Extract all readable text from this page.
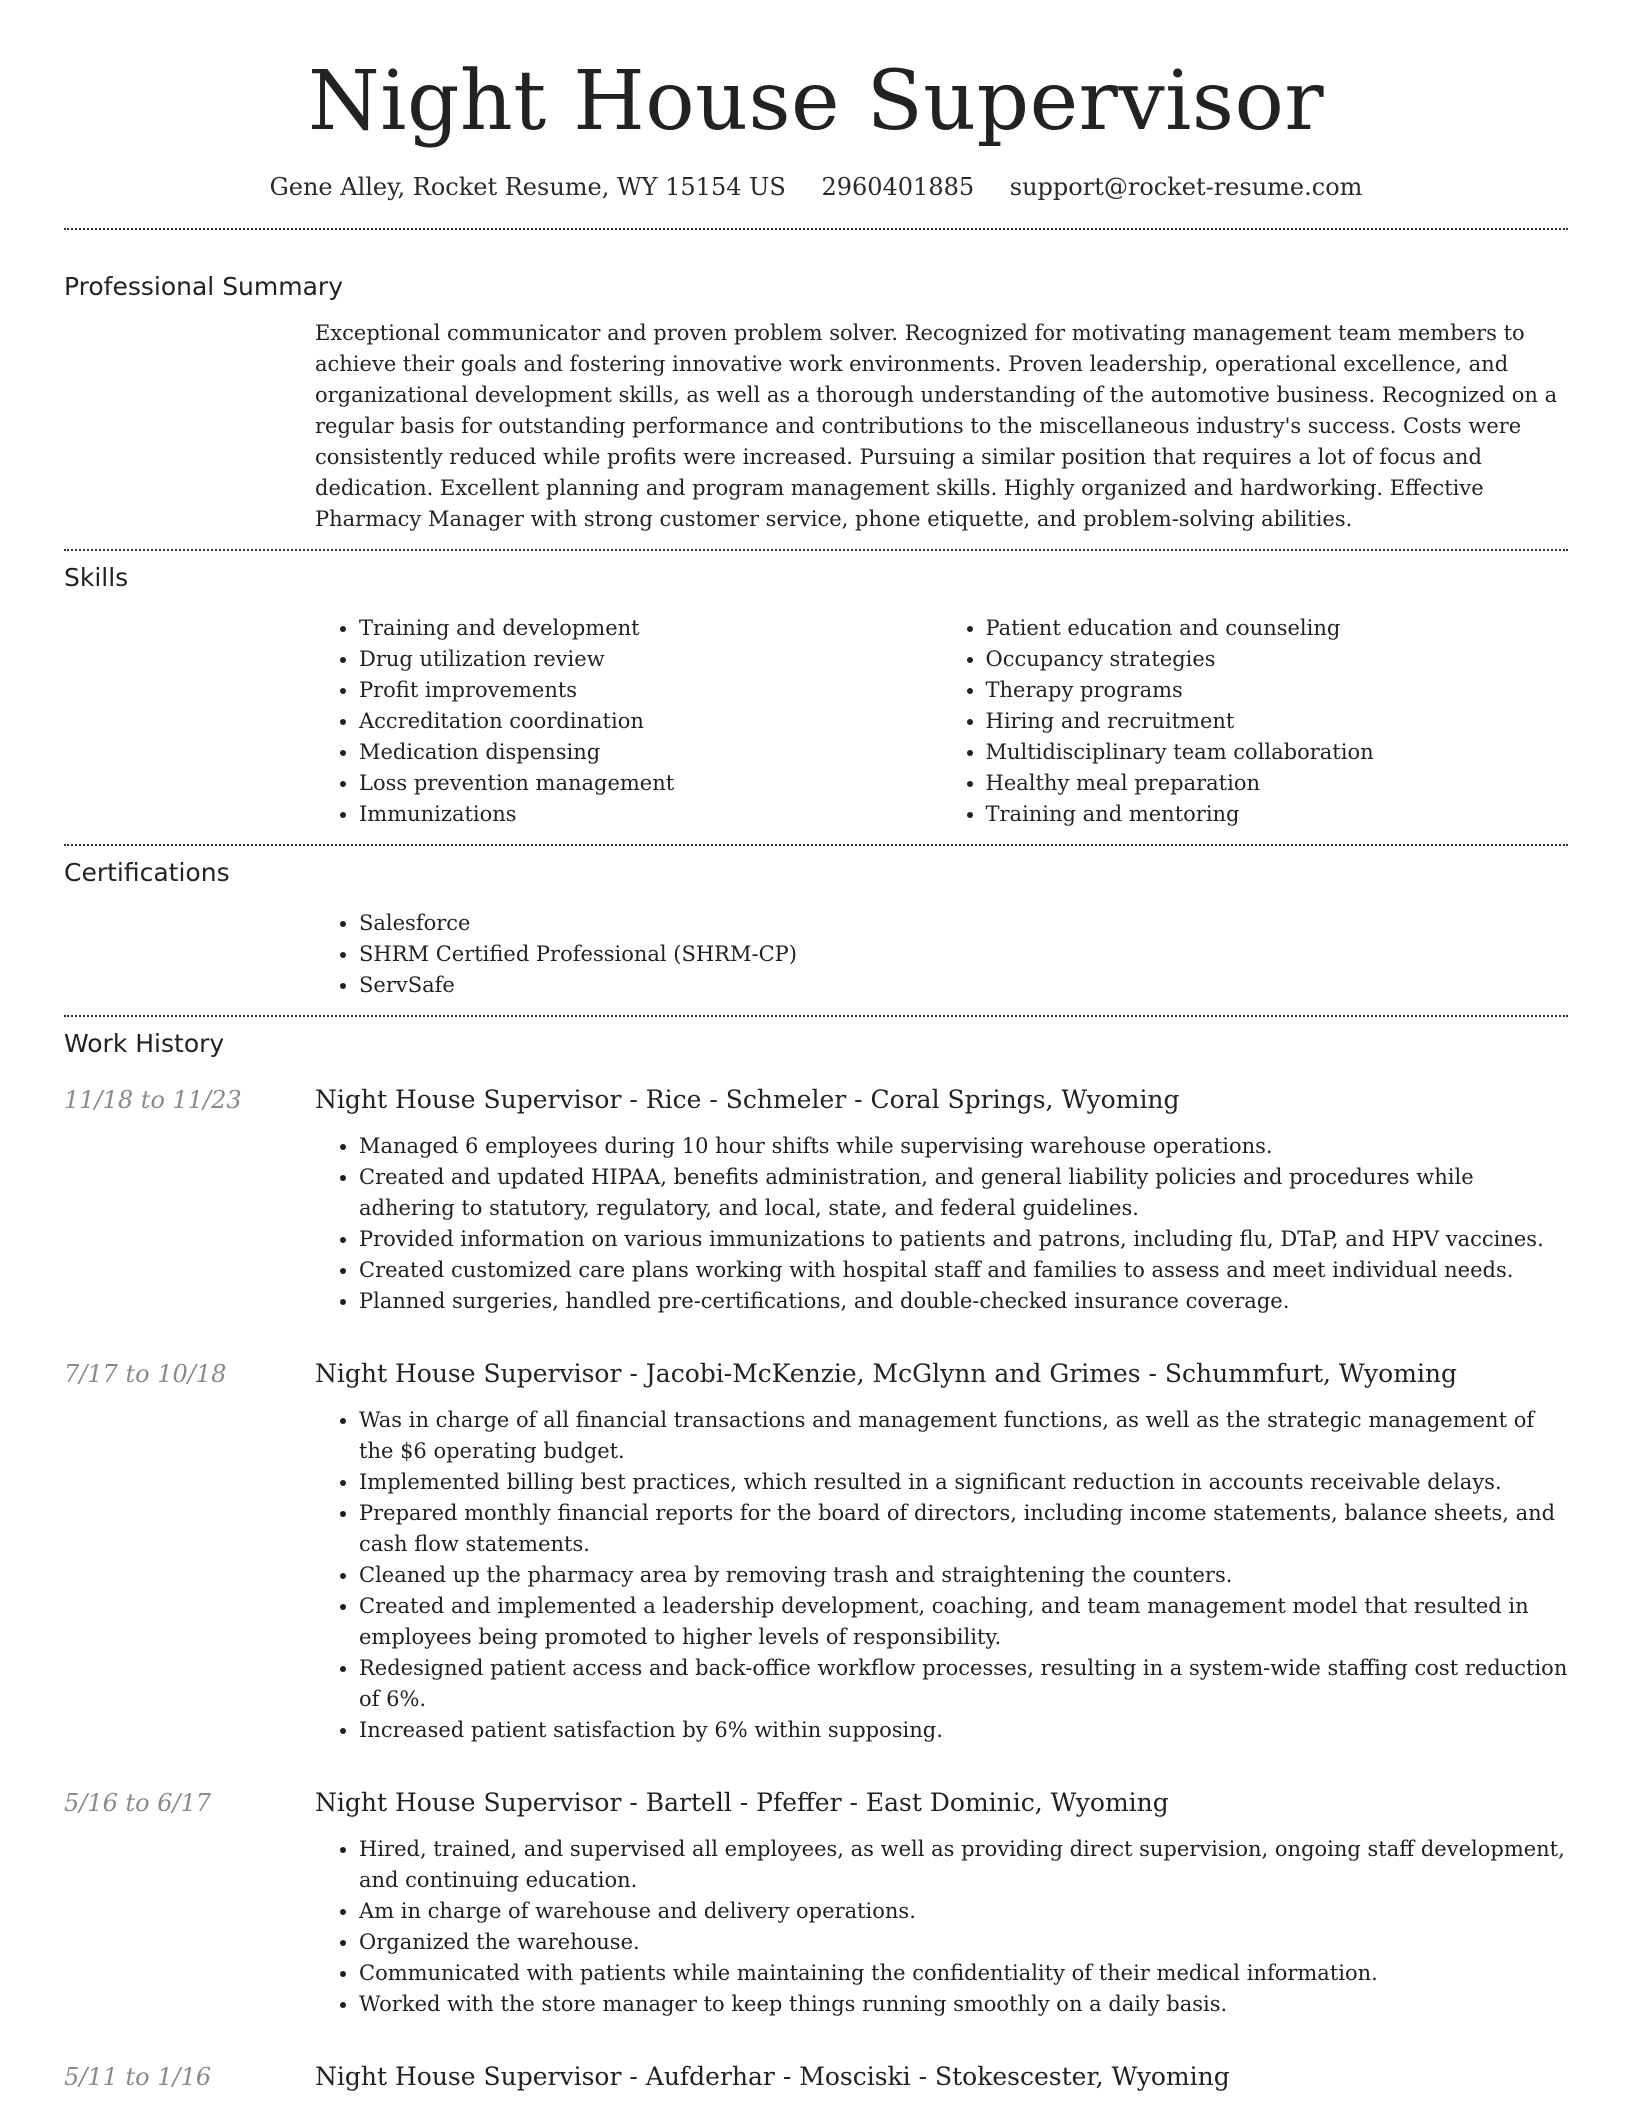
Night House Supervisor
Gene Alley, Rocket Resume, WY 15154 US 2960401885 support@rocket-resume.com
Professional Summary
Exceptional communicator and proven problem solver. Recognized for motivating management team members to achieve their goals and fostering innovative work environments. Proven leadership, operational excellence, and organizational development skills, as well as a thorough understanding of the automotive business. Recognized on a regular basis for outstanding performance and contributions to the miscellaneous industry's success. Costs were consistently reduced while profits were increased. Pursuing a similar position that requires a lot of focus and dedication. Excellent planning and program management skills. Highly organized and hardworking. Effective Pharmacy Manager with strong customer service, phone etiquette, and problem-solving abilities.
Skills
• Training and development
• Drug utilization review
• Profit improvements
• Accreditation coordination
• Medication dispensing
• Loss prevention management
• Immunizations
• Patient education and counseling
• Occupancy strategies
• Therapy programs
• Hiring and recruitment
• Multidisciplinary team collaboration
• Healthy meal preparation
• Training and mentoring
Certifications
• Salesforce
• SHRM Certified Professional (SHRM-CP)
• ServSafe
Work History
11/18 to 11/23	Night House Supervisor - Rice - Schmeler - Coral Springs, Wyoming
• Managed 6 employees during 10 hour shifts while supervising warehouse operations.
• Created and updated HIPAA, benefits administration, and general liability policies and procedures while adhering to statutory, regulatory, and local, state, and federal guidelines.
• Provided information on various immunizations to patients and patrons, including flu, DTaP, and HPV vaccines.
• Created customized care plans working with hospital staff and families to assess and meet individual needs.
• Planned surgeries, handled pre-certifications, and double-checked insurance coverage.
7/17 to 10/18	Night House Supervisor - Jacobi-McKenzie, McGlynn and Grimes - Schummfurt, Wyoming
• Was in charge of all financial transactions and management functions, as well as the strategic management of the $6 operating budget.
• Implemented billing best practices, which resulted in a significant reduction in accounts receivable delays.
• Prepared monthly financial reports for the board of directors, including income statements, balance sheets, and cash flow statements.
• Cleaned up the pharmacy area by removing trash and straightening the counters.
• Created and implemented a leadership development, coaching, and team management model that resulted in employees being promoted to higher levels of responsibility.
• Redesigned patient access and back-office workflow processes, resulting in a system-wide staffing cost reduction of 6%.
• Increased patient satisfaction by 6% within supposing.
5/16 to 6/17	Night House Supervisor - Bartell - Pfeffer - East Dominic, Wyoming
• Hired, trained, and supervised all employees, as well as providing direct supervision, ongoing staff development, and continuing education.
• Am in charge of warehouse and delivery operations.
• Organized the warehouse.
• Communicated with patients while maintaining the confidentiality of their medical information.
• Worked with the store manager to keep things running smoothly on a daily basis.
5/11 to 1/16	Night House Supervisor - Aufderhar - Mosciski - Stokescester, Wyoming
